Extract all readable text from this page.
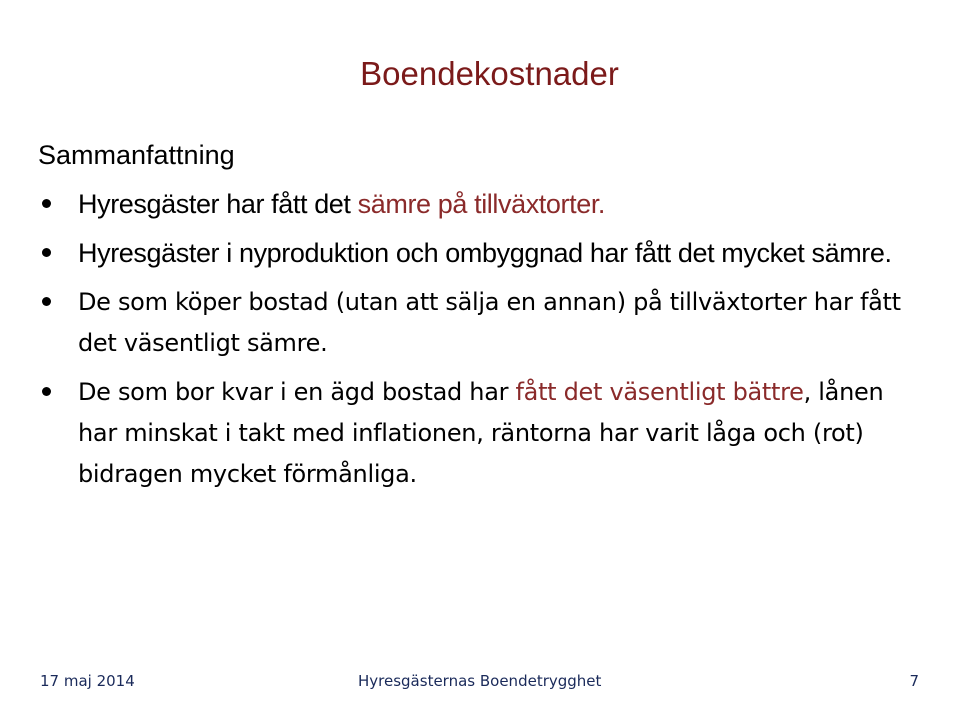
Boendekostnader
Sammanfattning
Hyresgäster har fått det sämre på tillväxtorter.
Hyresgäster i nyproduktion och ombyggnad har fått det mycket sämre.
De som köper bostad (utan att sälja en annan) på tillväxtorter har fått det väsentligt sämre.
De som bor kvar i en ägd bostad har fått det väsentligt bättre, lånen har minskat i takt med inflationen, räntorna har varit låga och (rot) bidragen mycket förmånliga.
17 maj 2014	Hyresgästernas Boendetrygghet	7
